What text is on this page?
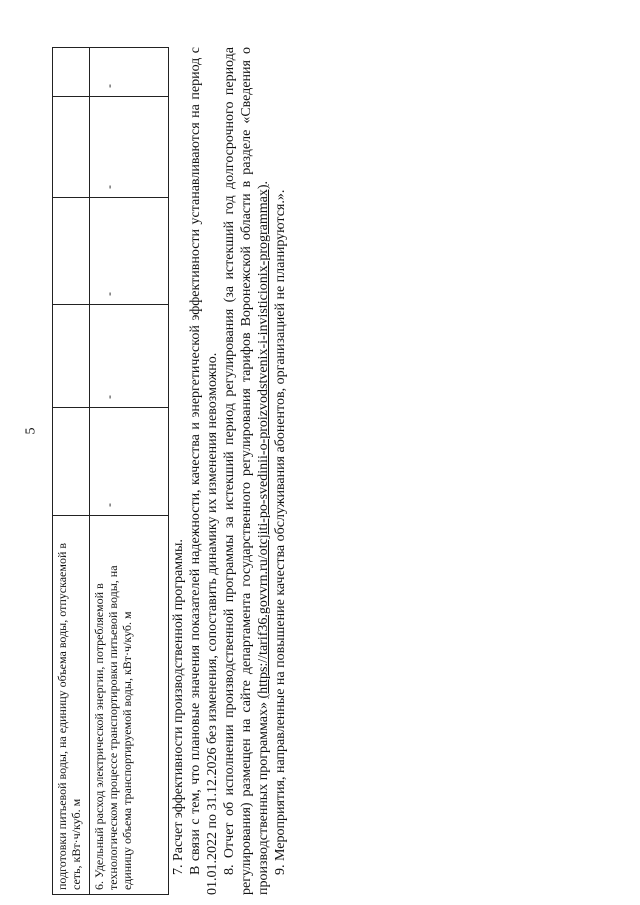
5
подготовки питьевой воды, на единицу объема воды, отпускаемой в сеть, кВт·ч/куб. м					
6. Удельный расход электрической энергии, потребляемой в технологическом процессе транспортировки питьевой воды, на единицу объема транспортируемой воды, кВт·ч/куб. м	-	-	-	-	-

7. Расчет эффективности производственной программы. В связи с тем, что плановые значения показателей надежности, качества и энергетической эффективности устанавливаются на период с 01.01.2022 по 31.12.2026 без изменения, сопоставить динамику их изменения невозможно. 8. Отчет об исполнении производственной программы за истекший период регулирования (за истекший год долгосрочного периода регулирования) размещен на сайте департамента государственного регулирования тарифов Воронежской области в разделе «Сведения о производственных программах» (https://tarif36.govvrn.ru/otcjiti-po-svedinii-o-proizvodstvenix-i-invisticionix-programmax).

9. Мероприятия, направленные на повышение качества обслуживания абонентов, организацией не планируются.».
